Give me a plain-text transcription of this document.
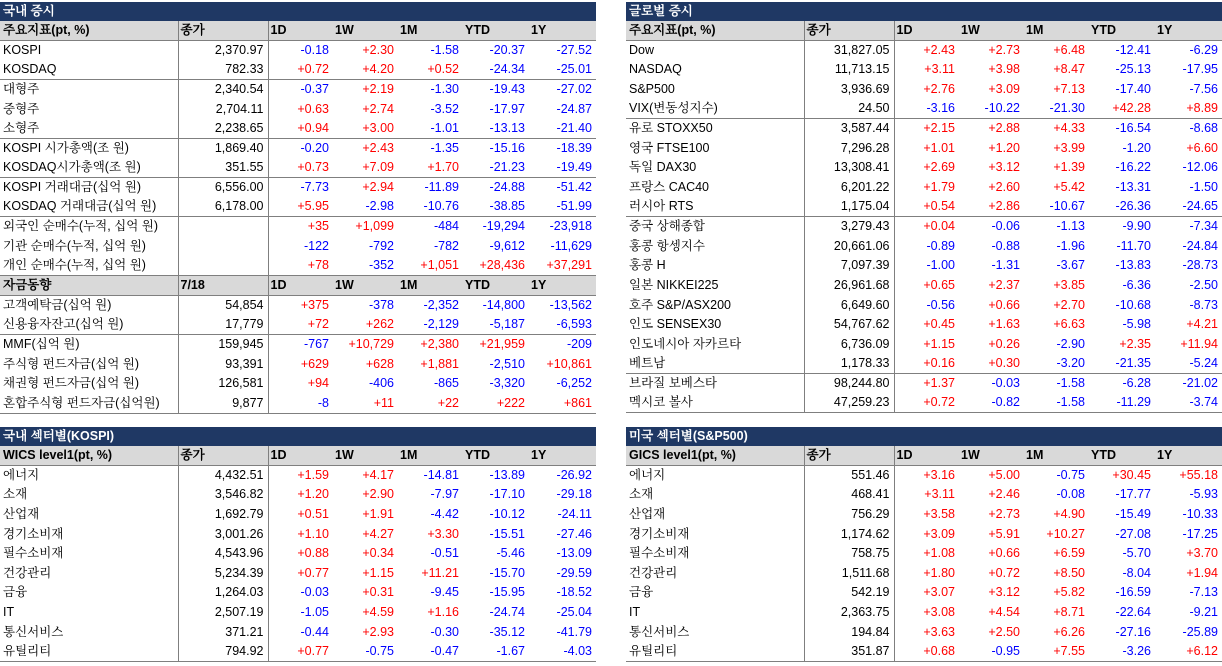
국내 증시
주요지표(pt, %)	종가	1D	1W	1M	YTD	1Y
KOSPI	2,370.97	-0.18	+2.30	-1.58	-20.37	-27.52
KOSDAQ	782.33	+0.72	+4.20	+0.52	-24.34	-25.01
대형주	2,340.54	-0.37	+2.19	-1.30	-19.43	-27.02
중형주	2,704.11	+0.63	+2.74	-3.52	-17.97	-24.87
소형주	2,238.65	+0.94	+3.00	-1.01	-13.13	-21.40
KOSPI 시가총액(조 원)	1,869.40	-0.20	+2.43	-1.35	-15.16	-18.39
KOSDAQ시가총액(조 원)	351.55	+0.73	+7.09	+1.70	-21.23	-19.49
KOSPI 거래대금(십억 원)	6,556.00	-7.73	+2.94	-11.89	-24.88	-51.42
KOSDAQ 거래대금(십억 원)	6,178.00	+5.95	-2.98	-10.76	-38.85	-51.99
외국인 순매수(누적, 십억 원)		+35	+1,099	-484	-19,294	-23,918
기관 순매수(누적, 십억 원)		-122	-792	-782	-9,612	-11,629
개인 순매수(누적, 십억 원)		+78	-352	+1,051	+28,436	+37,291
자금동향	7/18	1D	1W	1M	YTD	1Y
고객예탁금(십억 원)	54,854	+375	-378	-2,352	-14,800	-13,562
신용융자잔고(십억 원)	17,779	+72	+262	-2,129	-5,187	-6,593
MMF(십억 원)	159,945	-767	+10,729	+2,380	+21,959	-209
주식형 펀드자금(십억 원)	93,391	+629	+628	+1,881	-2,510	+10,861
채권형 펀드자금(십억 원)	126,581	+94	-406	-865	-3,320	-6,252
혼합주식형 펀드자금(십억원)	9,877	-8	+11	+22	+222	+861
글로벌 증시
주요지표(pt, %)	종가	1D	1W	1M	YTD	1Y
Dow	31,827.05	+2.43	+2.73	+6.48	-12.41	-6.29
NASDAQ	11,713.15	+3.11	+3.98	+8.47	-25.13	-17.95
S&P500	3,936.69	+2.76	+3.09	+7.13	-17.40	-7.56
VIX(변동성지수)	24.50	-3.16	-10.22	-21.30	+42.28	+8.89
유로 STOXX50	3,587.44	+2.15	+2.88	+4.33	-16.54	-8.68
영국 FTSE100	7,296.28	+1.01	+1.20	+3.99	-1.20	+6.60
독일 DAX30	13,308.41	+2.69	+3.12	+1.39	-16.22	-12.06
프랑스 CAC40	6,201.22	+1.79	+2.60	+5.42	-13.31	-1.50
러시아 RTS	1,175.04	+0.54	+2.86	-10.67	-26.36	-24.65
중국 상해종합	3,279.43	+0.04	-0.06	-1.13	-9.90	-7.34
홍콩 항셍지수	20,661.06	-0.89	-0.88	-1.96	-11.70	-24.84
홍콩 H	7,097.39	-1.00	-1.31	-3.67	-13.83	-28.73
일본 NIKKEI225	26,961.68	+0.65	+2.37	+3.85	-6.36	-2.50
호주 S&P/ASX200	6,649.60	-0.56	+0.66	+2.70	-10.68	-8.73
인도 SENSEX30	54,767.62	+0.45	+1.63	+6.63	-5.98	+4.21
인도네시아 자카르타	6,736.09	+1.15	+0.26	-2.90	+2.35	+11.94
베트남	1,178.33	+0.16	+0.30	-3.20	-21.35	-5.24
브라질 보베스타	98,244.80	+1.37	-0.03	-1.58	-6.28	-21.02
멕시코 볼사	47,259.23	+0.72	-0.82	-1.58	-11.29	-3.74
국내 섹터별(KOSPI)
WICS level1(pt, %)	종가	1D	1W	1M	YTD	1Y
에너지	4,432.51	+1.59	+4.17	-14.81	-13.89	-26.92
소재	3,546.82	+1.20	+2.90	-7.97	-17.10	-29.18
산업재	1,692.79	+0.51	+1.91	-4.42	-10.12	-24.11
경기소비재	3,001.26	+1.10	+4.27	+3.30	-15.51	-27.46
필수소비재	4,543.96	+0.88	+0.34	-0.51	-5.46	-13.09
건강관리	5,234.39	+0.77	+1.15	+11.21	-15.70	-29.59
금융	1,264.03	-0.03	+0.31	-9.45	-15.95	-18.52
IT	2,507.19	-1.05	+4.59	+1.16	-24.74	-25.04
통신서비스	371.21	-0.44	+2.93	-0.30	-35.12	-41.79
유틸리티	794.92	+0.77	-0.75	-0.47	-1.67	-4.03
미국 섹터별(S&P500)
GICS level1(pt, %)	종가	1D	1W	1M	YTD	1Y
에너지	551.46	+3.16	+5.00	-0.75	+30.45	+55.18
소재	468.41	+3.11	+2.46	-0.08	-17.77	-5.93
산업재	756.29	+3.58	+2.73	+4.90	-15.49	-10.33
경기소비재	1,174.62	+3.09	+5.91	+10.27	-27.08	-17.25
필수소비재	758.75	+1.08	+0.66	+6.59	-5.70	+3.70
건강관리	1,511.68	+1.80	+0.72	+8.50	-8.04	+1.94
금융	542.19	+3.07	+3.12	+5.82	-16.59	-7.13
IT	2,363.75	+3.08	+4.54	+8.71	-22.64	-9.21
통신서비스	194.84	+3.63	+2.50	+6.26	-27.16	-25.89
유틸리티	351.87	+0.68	-0.95	+7.55	-3.26	+6.12
